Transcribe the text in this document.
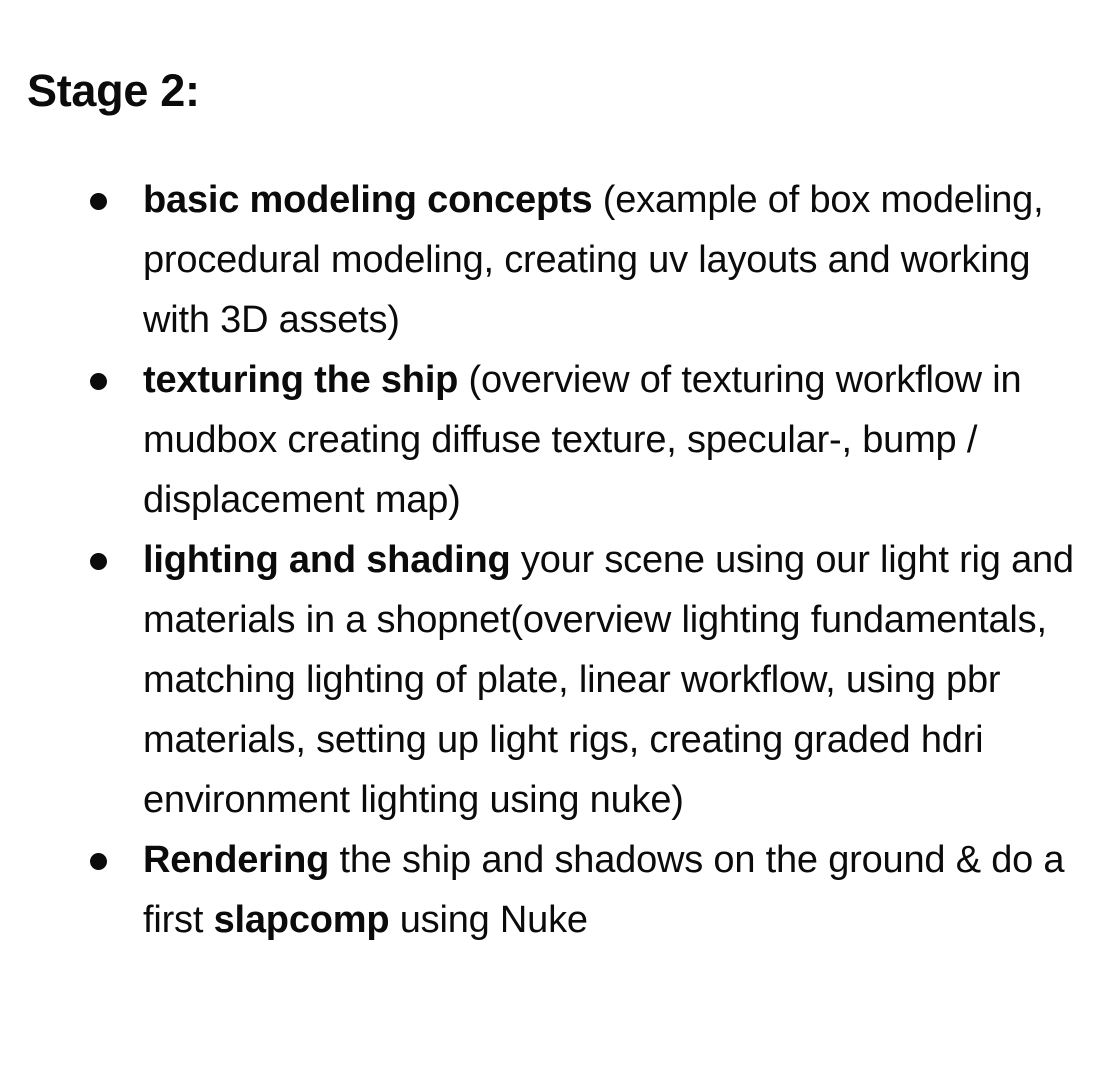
Stage 2:
basic modeling concepts (example of box modeling, procedural modeling, creating uv layouts and working with 3D assets)
texturing the ship (overview of texturing workflow in mudbox creating diffuse texture, specular-, bump / displacement map)
lighting and shading your scene using our light rig and materials in a shopnet(overview lighting fundamentals, matching lighting of plate, linear workflow, using pbr materials, setting up light rigs, creating graded hdri environment lighting using nuke)
Rendering the ship and shadows on the ground & do a first slapcomp using Nuke
